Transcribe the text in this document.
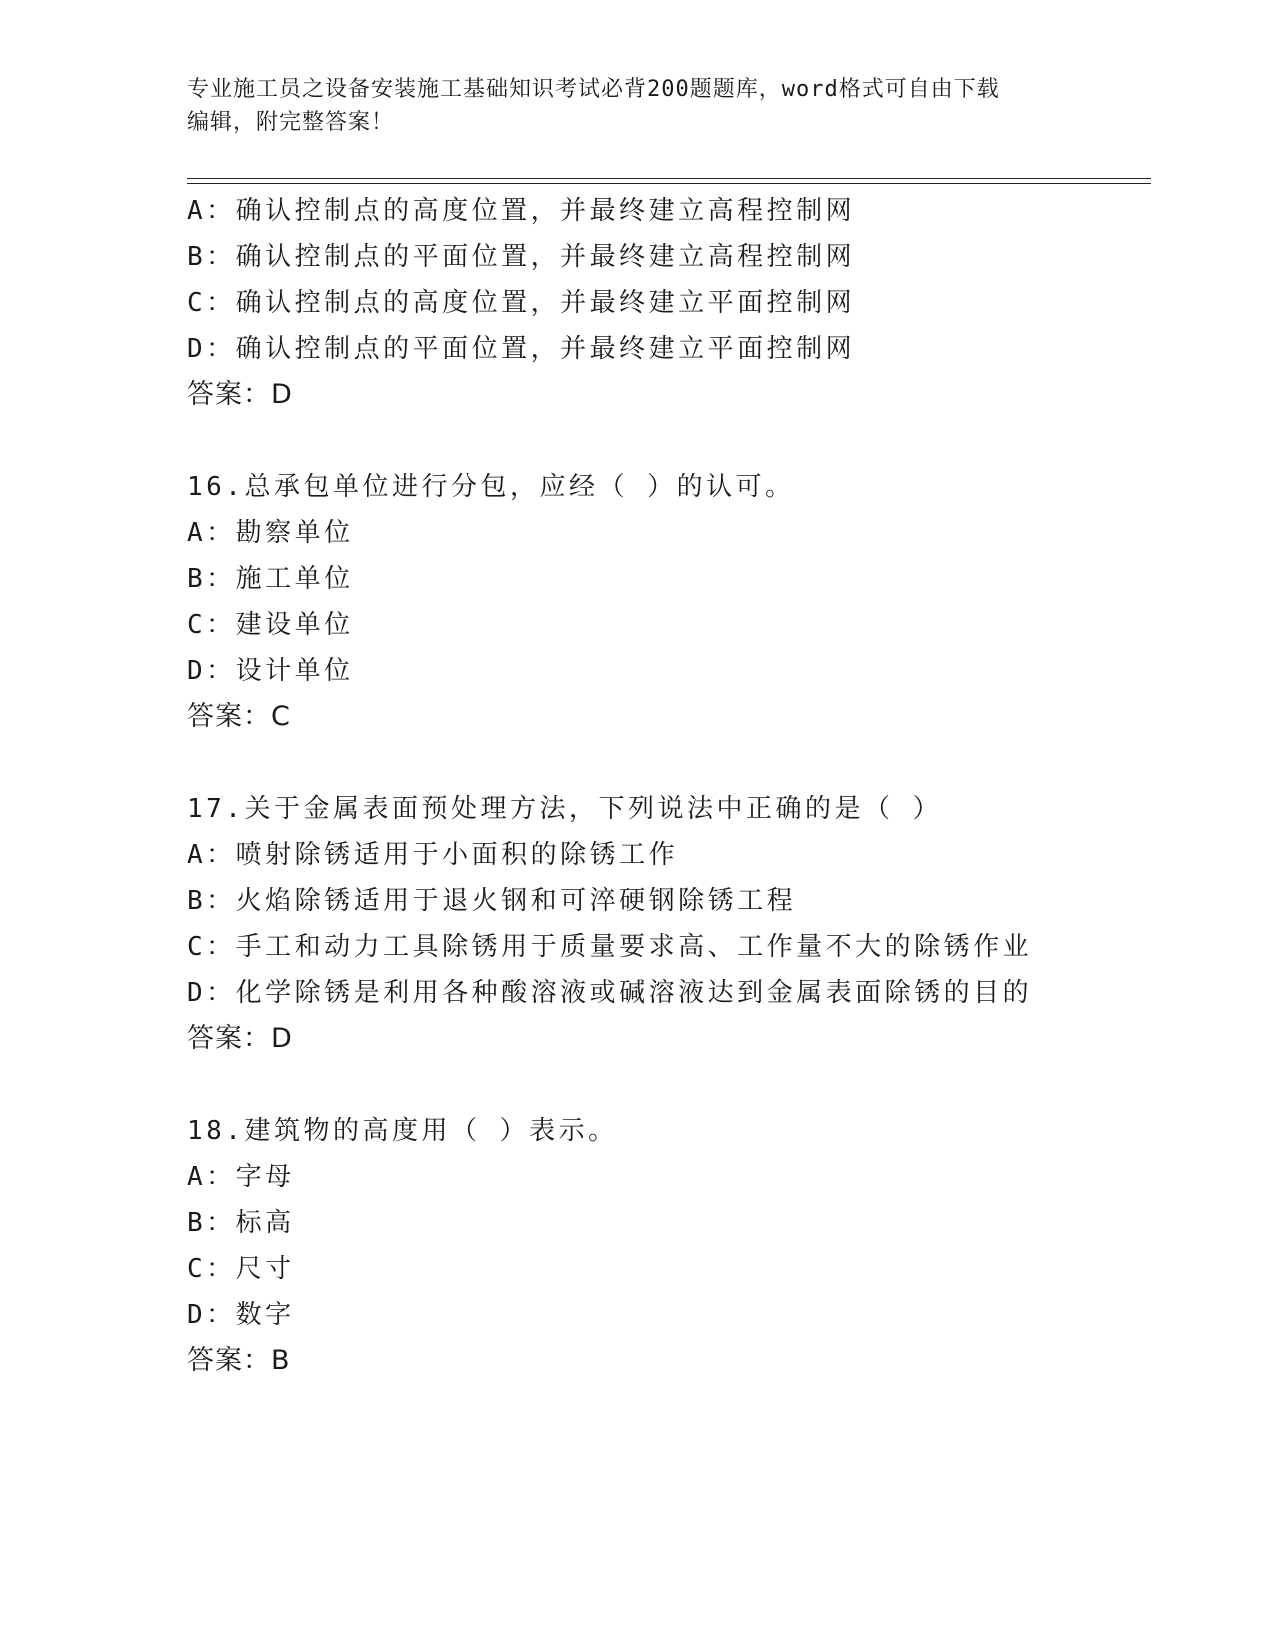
专业施工员之设备安装施工基础知识考试必背200题题库，word格式可自由下载
编辑，附完整答案！
A：确认控制点的高度位置，并最终建立高程控制网
B：确认控制点的平面位置，并最终建立高程控制网
C：确认控制点的高度位置，并最终建立平面控制网
D：确认控制点的平面位置，并最终建立平面控制网
答案：D
16.总承包单位进行分包，应经（ ）的认可。
A：勘察单位
B：施工单位
C：建设单位
D：设计单位
答案：C
17.关于金属表面预处理方法，下列说法中正确的是（ ）
A：喷射除锈适用于小面积的除锈工作
B：火焰除锈适用于退火钢和可淬硬钢除锈工程
C：手工和动力工具除锈用于质量要求高、工作量不大的除锈作业
D：化学除锈是利用各种酸溶液或碱溶液达到金属表面除锈的目的
答案：D
18.建筑物的高度用（ ）表示。
A：字母
B：标高
C：尺寸
D：数字
答案：B
